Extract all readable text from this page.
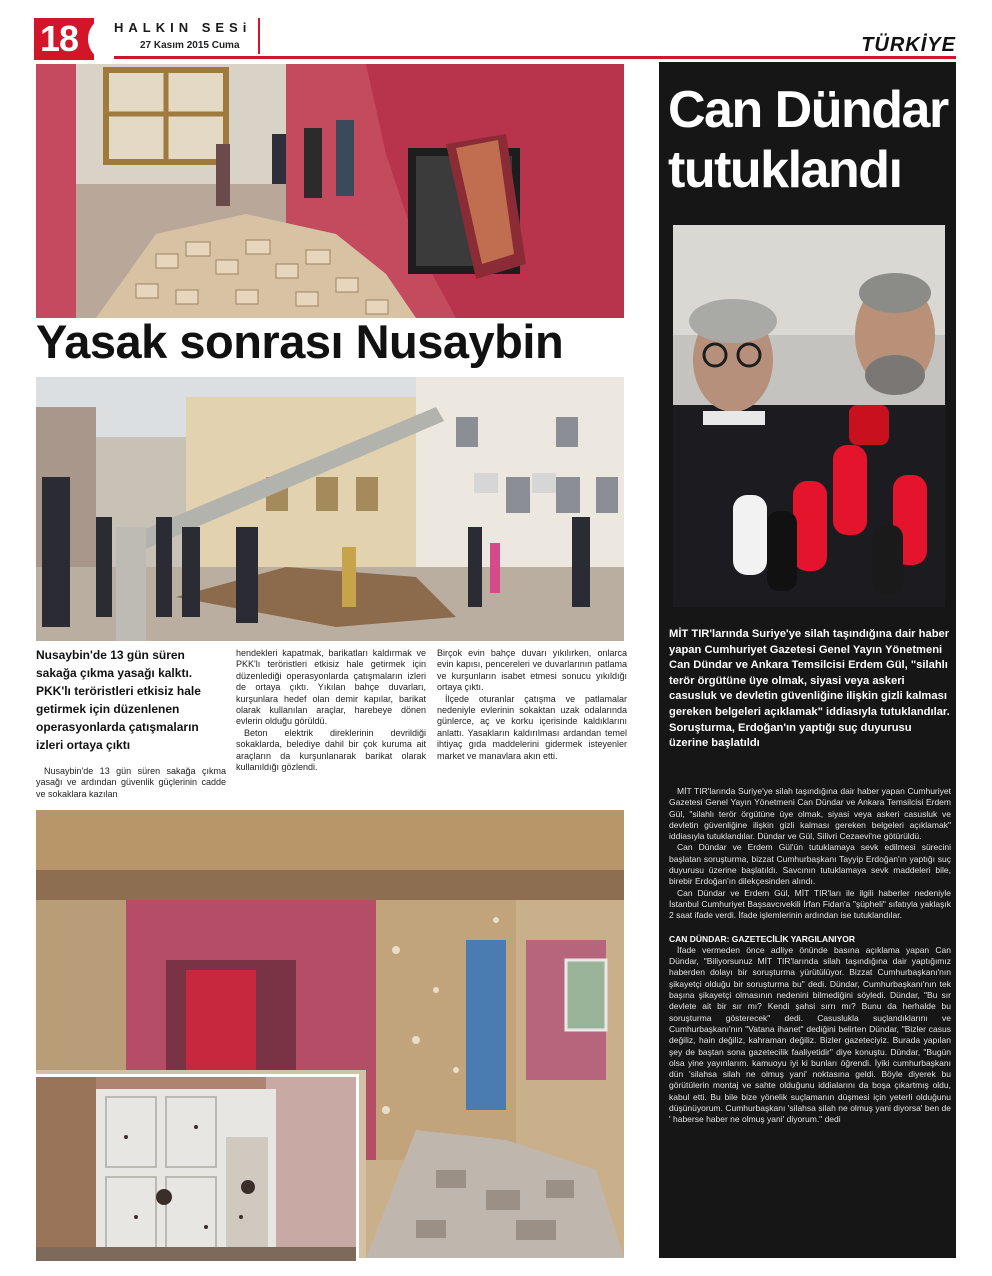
18	HALKIN SESi
27 Kasım 2015 Cuma	TÜRKİYE
Yasak sonrası Nusaybin
Nusaybin'de 13 gün süren sakağa çıkma yasağı kalktı. PKK'lı teröristleri etkisiz hale getirmek için düzenlenen operasyonlarda çatışmaların izleri ortaya çıktı

Nusaybin'de 13 gün süren sakağa çıkma yasağı ve ardından güvenlik güçlerinin cadde ve sokaklara kazılan

hendekleri kapatmak, barikatları kaldırmak ve PKK'lı teröristleri etkisiz hale getirmek için düzenlediği operasyonlarda çatışmaların izleri de ortaya çıktı. Yıkılan bahçe duvarları, kurşunlara hedef olan demir kapılar, barikat olarak kullanılan araçlar, harebeye dönen evlerin olduğu görüldü.

Beton elektrik direklerinin devrildiği sokaklarda, belediye dahil bir çok kuruma ait araçların da kurşunlanarak barikat olarak kullanıldığı gözlendi.

Birçok evin bahçe duvarı yıkılırken, onlarca evin kapısı, pencereleri ve duvarlarının patlama ve kurşunların isabet etmesi sonucu yıkıldığı ortaya çıktı.

İlçede oturanlar çatışma ve patlamalar nedeniyle evlerinin sokaktan uzak odalarında günlerce, aç ve korku içerisinde kaldıklarını anlattı. Yasakların kaldırılması ardandan temel ihtiyaç gıda maddelerini gidermek isteyenler market ve manavlara akın etti.

Can Dündar
tutuklandı
MİT TIR'larında Suriye'ye silah taşındığına dair haber yapan Cumhuriyet Gazetesi Genel Yayın Yönetmeni Can Dündar ve Ankara Temsilcisi Erdem Gül, "silahlı terör örgütüne üye olmak, siyasi veya askeri casusluk ve devletin güvenliğine ilişkin gizli kalması gereken belgeleri açıklamak" iddiasıyla tutuklandılar. Soruşturma, Erdoğan'ın yaptığı suç duyurusu üzerine başlatıldı

MİT TIR'larında Suriye'ye silah taşındığına dair haber yapan Cumhuriyet Gazetesi Genel Yayın Yönetmeni Can Dündar ve Ankara Temsilcisi Erdem Gül, "silahlı terör örgütüne üye olmak, siyasi veya askeri casusluk ve devletin güvenliğine ilişkin gizli kalması gereken belgeleri açıklamak" iddiasıyla tutuklandılar. Dündar ve Gül, Silivri Cezaevi'ne götürüldü.

Can Dündar ve Erdem Gül'ün tutuklamaya sevk edilmesi sürecini başlatan soruşturma, bizzat Cumhurbaşkanı Tayyip Erdoğan'ın yaptığı suç duyurusu üzerine başlatıldı. Savcının tutuklamaya sevk maddeleri bile, birebir Erdoğan'ın dilekçesinden alındı.

Can Dündar ve Erdem Gül, MİT TIR'ları ile ilgili haberler nedeniyle İstanbul Cumhuriyet Başsavcıvekili İrfan Fidan'a "şüpheli" sıfatıyla yaklaşık 2 saat ifade verdi. İfade işlemlerinin ardından ise tutuklandılar.

CAN DÜNDAR: GAZETECİLİK YARGILANIYOR

İfade vermeden önce adliye önünde basına açıklama yapan Can Dündar, "Biliyorsunuz MİT TIR'larında silah taşındığına dair yaptığımız haberden dolayı bir soruşturma yürütülüyor. Bizzat Cumhurbaşkanı'nın şikayetçi olduğu bir soruşturma bu" dedi. Dündar, Cumhurbaşkanı'nın tek başına şikayetçi olmasının nedenini bilmediğini söyledi. Dündar, "Bu sır devlete ait bir sır mı? Kendi şahsi sırrı mı? Bunu da herhalde bu soruşturma gösterecek" dedi. Casuslukla suçlandıklarını ve Cumhurbaşkanı'nın "Vatana ihanet" dediğini belirten Dündar, "Bizler casus değiliz, hain değiliz, kahraman değiliz. Bizler gazeteciyiz. Burada yapılan şey de baştan sona gazetecilik faaliyetidir" diye konuştu. Dündar, "Bugün olsa yine yayınlarım. kamuoyu iyi ki bunları öğrendi. İyiki cumhurbaşkanı dün 'silahsa silah ne olmuş yani' noktasına geldi. Böyle diyerek bu görütülerin montaj ve sahte olduğunu iddialarını da boşa çıkartmış oldu, kabul etti. Bu bile bize yönelik suçlamanın düşmesi için yeterli olduğunu düşünüyorum. Cumhurbaşkanı 'silahsa silah ne olmuş yani diyorsa' ben de ' haberse haber ne olmuş yani' diyorum." dedi
